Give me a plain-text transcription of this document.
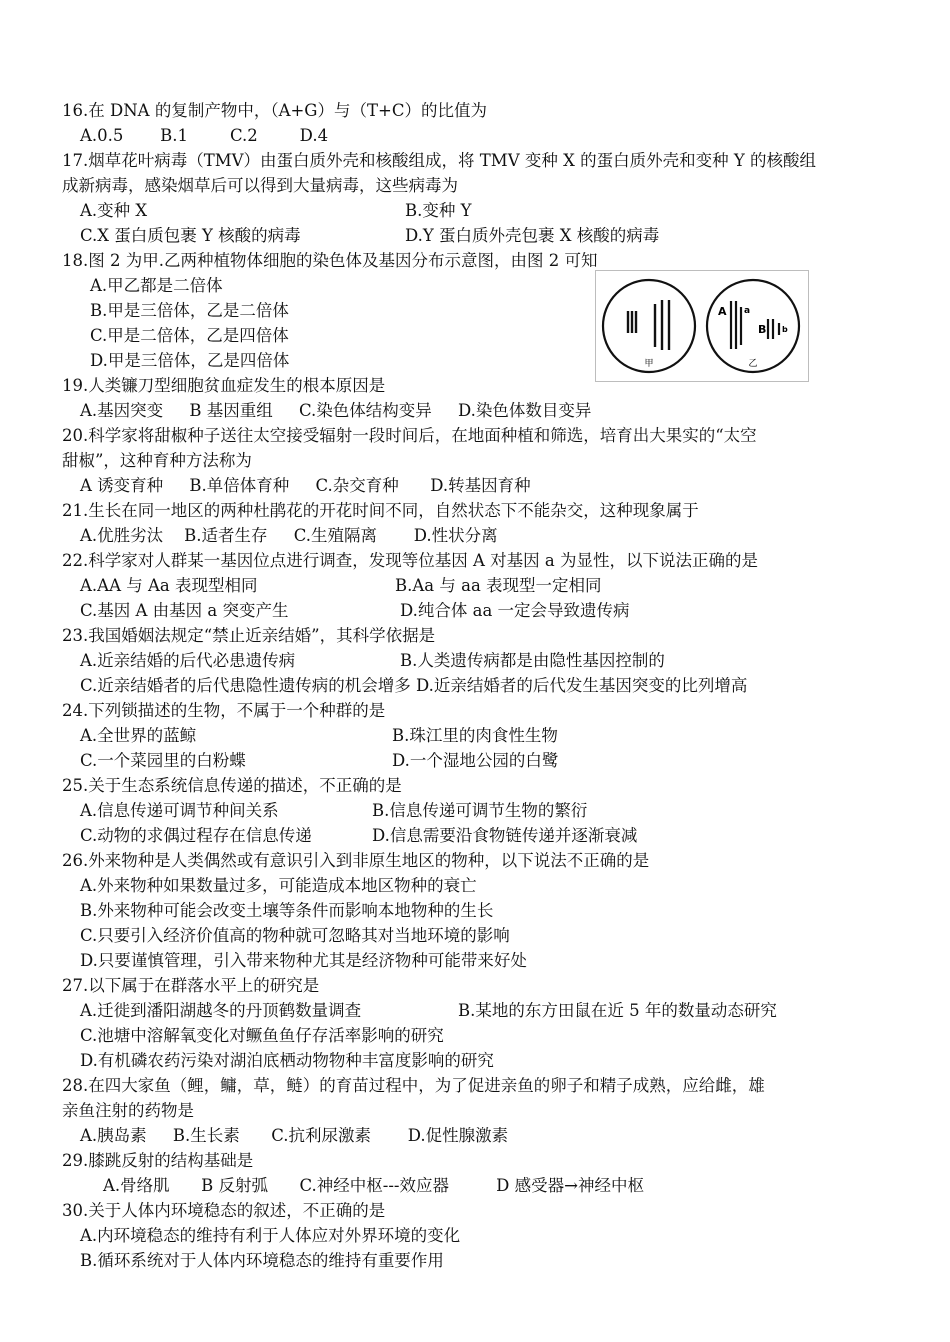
16.在 DNA 的复制产物中，（A+G）与（T+C）的比值为
A.0.5       B.1        C.2        D.4
17.烟草花叶病毒（TMV）由蛋白质外壳和核酸组成，将 TMV 变种 X 的蛋白质外壳和变种 Y 的核酸组
成新病毒，感染烟草后可以得到大量病毒，这些病毒为
A.变种 X	B.变种 Y
C.X 蛋白质包裹 Y 核酸的病毒	D.Y 蛋白质外壳包裹 X 核酸的病毒
18.图 2 为甲.乙两种植物体细胞的染色体及基因分布示意图，由图 2 可知
A.甲乙都是二倍体
B.甲是三倍体，乙是二倍体
C.甲是二倍体，乙是四倍体
D.甲是三倍体，乙是四倍体	甲
A a
B b
乙
19.人类镰刀型细胞贫血症发生的根本原因是
A.基因突变     B 基因重组     C.染色体结构变异     D.染色体数目变异
20.科学家将甜椒种子送往太空接受辐射一段时间后，在地面种植和筛选，培育出大果实的“太空
甜椒”，这种育种方法称为
A 诱变育种     B.单倍体育种     C.杂交育种      D.转基因育种
21.生长在同一地区的两种杜鹃花的开花时间不同，自然状态下不能杂交，这种现象属于
A.优胜劣汰    B.适者生存     C.生殖隔离       D.性状分离
22.科学家对人群某一基因位点进行调查，发现等位基因 A 对基因 a 为显性，以下说法正确的是
A.AA 与 Aa 表现型相同	B.Aa 与 aa 表现型一定相同
C.基因 A 由基因 a 突变产生	D.纯合体 aa 一定会导致遗传病
23.我国婚姻法规定“禁止近亲结婚”，其科学依据是
A.近亲结婚的后代必患遗传病	B.人类遗传病都是由隐性基因控制的
C.近亲结婚者的后代患隐性遗传病的机会增多 D.近亲结婚者的后代发生基因突变的比列增高
24.下列锁描述的生物，不属于一个种群的是
A.全世界的蓝鲸	B.珠江里的肉食性生物
C.一个菜园里的白粉蝶	D.一个湿地公园的白鹭
25.关于生态系统信息传递的描述，不正确的是
A.信息传递可调节种间关系	B.信息传递可调节生物的繁衍
C.动物的求偶过程存在信息传递	D.信息需要沿食物链传递并逐渐衰减
26.外来物种是人类偶然或有意识引入到非原生地区的物种，以下说法不正确的是
A.外来物种如果数量过多，可能造成本地区物种的衰亡
B.外来物种可能会改变土壤等条件而影响本地物种的生长
C.只要引入经济价值高的物种就可忽略其对当地环境的影响
D.只要谨慎管理，引入带来物种尤其是经济物种可能带来好处
27.以下属于在群落水平上的研究是
A.迁徙到潘阳湖越冬的丹顶鹤数量调查	B.某地的东方田鼠在近 5 年的数量动态研究
C.池塘中溶解氧变化对鳜鱼鱼仔存活率影响的研究
D.有机磷农药污染对湖泊底栖动物物种丰富度影响的研究
28.在四大家鱼（鲤，鳙，草，鲢）的育苗过程中，为了促进亲鱼的卵子和精子成熟，应给雌，雄
亲鱼注射的药物是
A.胰岛素     B.生长素      C.抗利尿激素       D.促性腺激素
29.膝跳反射的结构基础是
A.骨络肌      B 反射弧      C.神经中枢---效应器         D 感受器→神经中枢
30.关于人体内环境稳态的叙述，不正确的是
A.内环境稳态的维持有利于人体应对外界环境的变化
B.循环系统对于人体内环境稳态的维持有重要作用
